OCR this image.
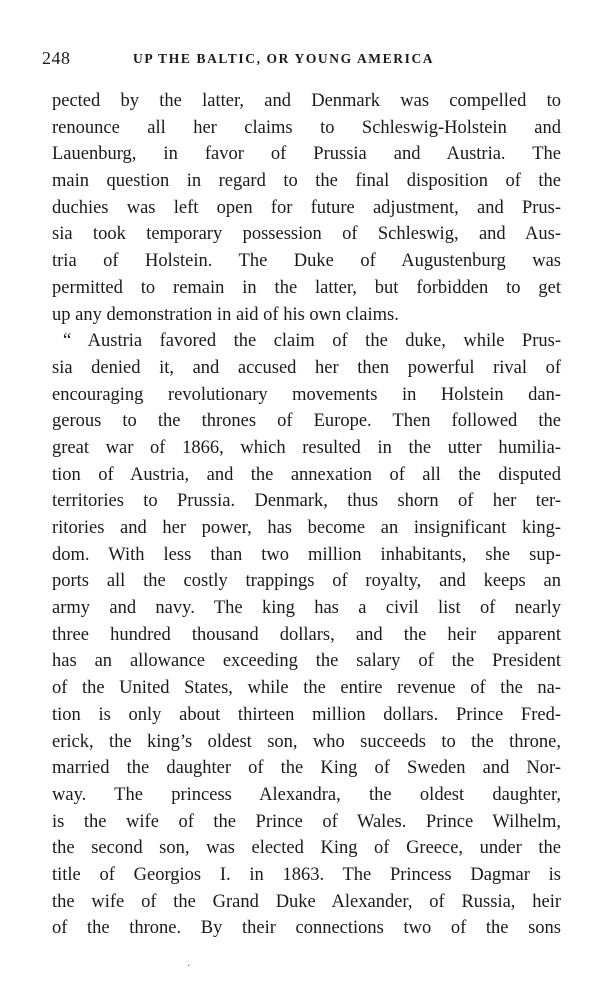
248	UP THE BALTIC, OR YOUNG AMERICA
pected by the latter, and Denmark was compelled to
renounce all her claims to Schleswig-Holstein and
Lauenburg, in favor of Prussia and Austria. The
main question in regard to the final disposition of the
duchies was left open for future adjustment, and Prus-
sia took temporary possession of Schleswig, and Aus-
tria of Holstein. The Duke of Augustenburg was
permitted to remain in the latter, but forbidden to get
up any demonstration in aid of his own claims.
“ Austria favored the claim of the duke, while Prus-
sia denied it, and accused her then powerful rival of
encouraging revolutionary movements in Holstein dan-
gerous to the thrones of Europe. Then followed the
great war of 1866, which resulted in the utter humilia-
tion of Austria, and the annexation of all the disputed
territories to Prussia. Denmark, thus shorn of her ter-
ritories and her power, has become an insignificant king-
dom. With less than two million inhabitants, she sup-
ports all the costly trappings of royalty, and keeps an
army and navy. The king has a civil list of nearly
three hundred thousand dollars, and the heir apparent
has an allowance exceeding the salary of the President
of the United States, while the entire revenue of the na-
tion is only about thirteen million dollars. Prince Fred-
erick, the king’s oldest son, who succeeds to the throne,
married the daughter of the King of Sweden and Nor-
way. The princess Alexandra, the oldest daughter,
is the wife of the Prince of Wales. Prince Wilhelm,
the second son, was elected King of Greece, under the
title of Georgios I. in 1863. The Princess Dagmar is
the wife of the Grand Duke Alexander, of Russia, heir
of the throne. By their connections two of the sons
·
